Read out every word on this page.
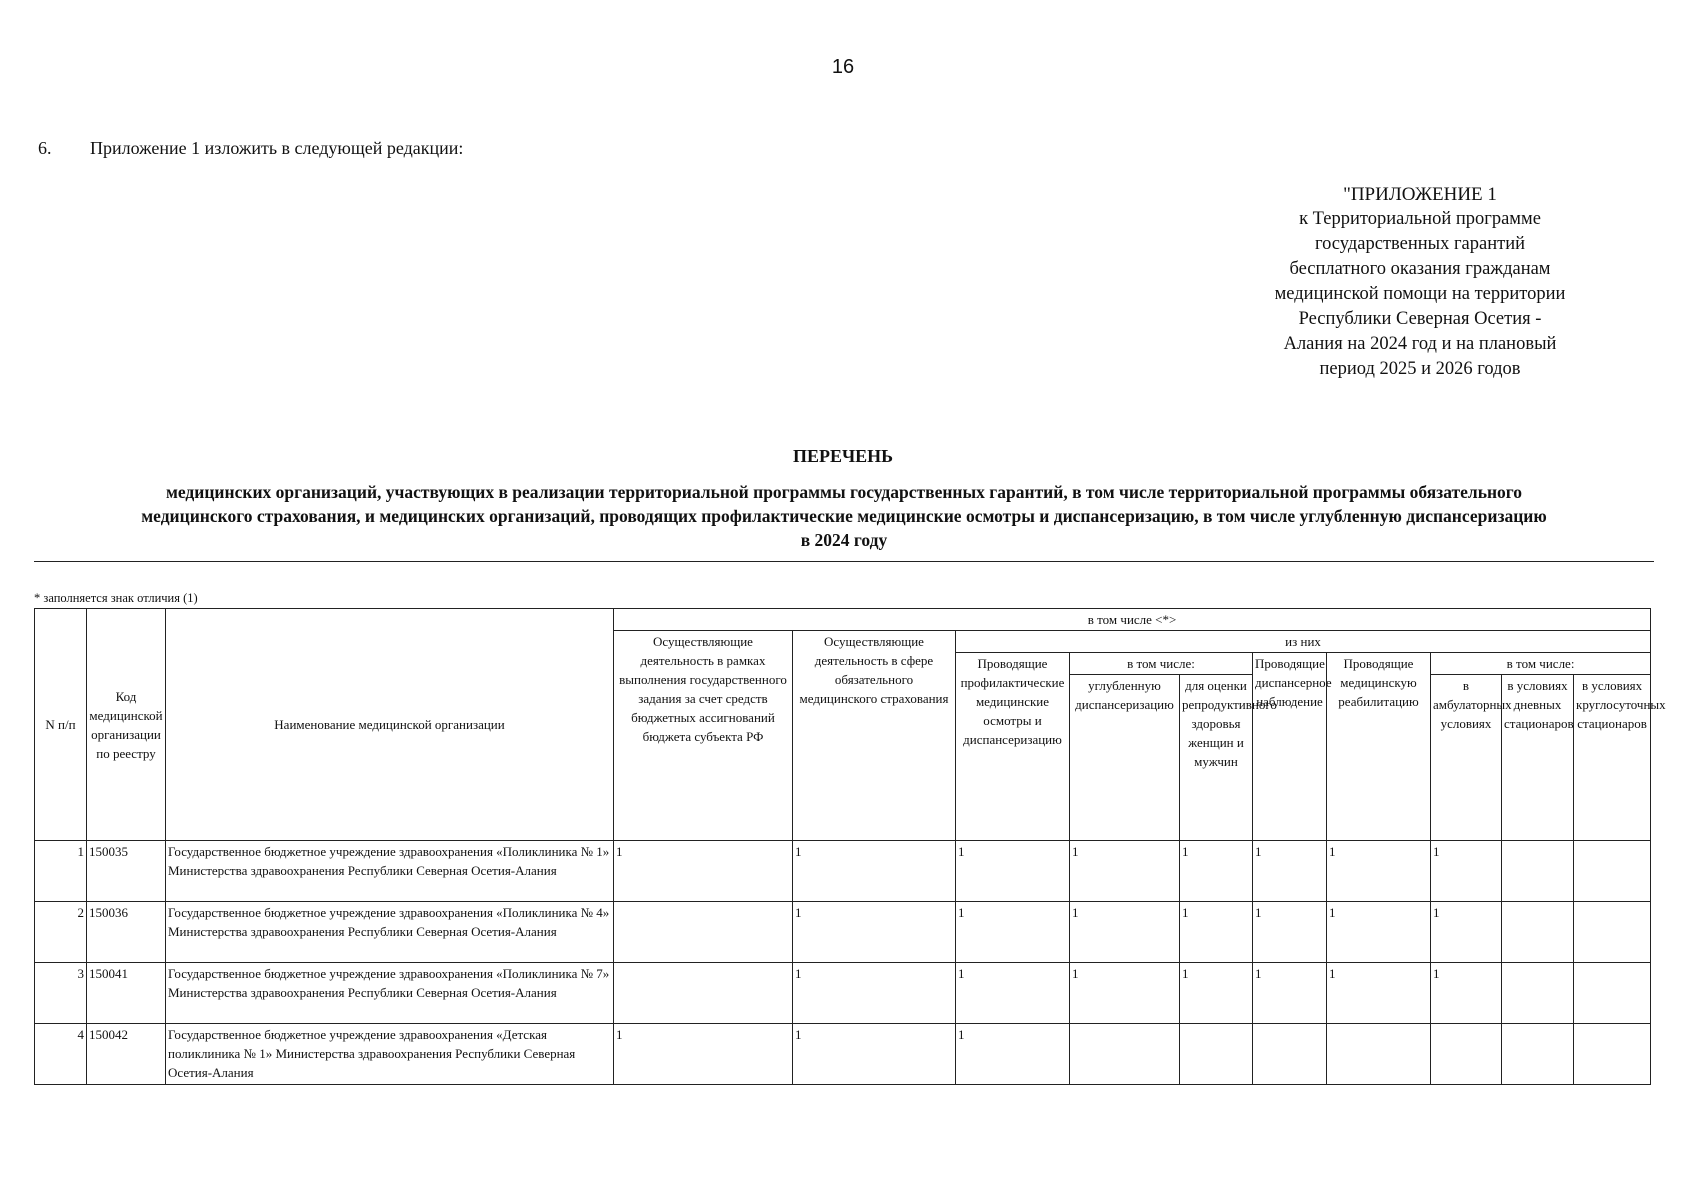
16
6. Приложение 1 изложить в следующей редакции:
"ПРИЛОЖЕНИЕ 1
к Территориальной программе
государственных гарантий
бесплатного оказания гражданам
медицинской помощи на территории
Республики Северная Осетия -
Алания на 2024 год и на плановый
период 2025 и 2026 годов
ПЕРЕЧЕНЬ
медицинских организаций, участвующих в реализации территориальной программы государственных гарантий, в том числе территориальной программы обязательного
медицинского страхования, и медицинских организаций, проводящих профилактические медицинские осмотры и диспансеризацию, в том числе углубленную диспансеризацию
в 2024 году
* заполняется знак отличия (1)
N п/п	Код медицинской организации по реестру	Наименование медицинской организации	в том числе <*>									
			Осуществляющие деятельность в рамках выполнения государственного задания за счет средств бюджетных ассигнований бюджета субъекта РФ	Осуществляющие деятельность в сфере обязательного медицинского страхования	из них							
					Проводящие профилактические медицинские осмотры и диспансеризацию	в том числе:		Проводящие диспансерное наблюдение	Проводящие медицинскую реабилитацию	в том числе:		
						углубленную диспансеризацию	для оценки репродуктивного здоровья женщин и мужчин			в амбулаторных условиях	в условиях дневных стационаров	в условиях круглосуточных стационаров
1	150035	Государственное бюджетное учреждение здравоохранения «Поликлиника № 1» Министерства здравоохранения Республики Северная Осетия-Алания	1	1	1	1	1	1	1	1		
2	150036	Государственное бюджетное учреждение здравоохранения «Поликлиника № 4» Министерства здравоохранения Республики Северная Осетия-Алания		1	1	1	1	1	1	1		
3	150041	Государственное бюджетное учреждение здравоохранения «Поликлиника № 7» Министерства здравоохранения Республики Северная Осетия-Алания		1	1	1	1	1	1	1		
4	150042	Государственное бюджетное учреждение здравоохранения «Детская поликлиника № 1» Министерства здравоохранения Республики Северная Осетия-Алания	1	1	1							
